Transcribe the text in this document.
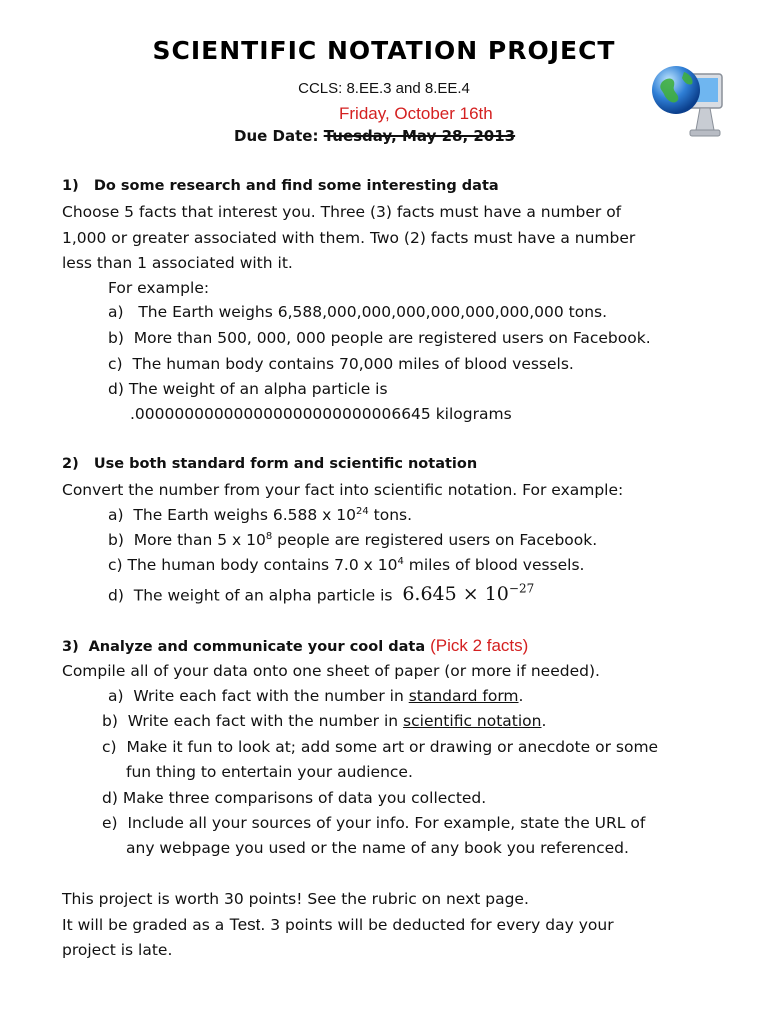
SCIENTIFIC NOTATION PROJECT
CCLS: 8.EE.3 and 8.EE.4
Friday, October 16th
Due Date: Tuesday, May 28, 2013
1) Do some research and find some interesting data
Choose 5 facts that interest you. Three (3) facts must have a number of
1,000 or greater associated with them. Two (2) facts must have a number
less than 1 associated with it.
For example:
a) The Earth weighs 6,588,000,000,000,000,000,000,000 tons.
b) More than 500, 000, 000 people are registered users on Facebook.
c) The human body contains 70,000 miles of blood vessels.
d) The weight of an alpha particle is
.000000000000000000000000006645 kilograms
2) Use both standard form and scientific notation
Convert the number from your fact into scientific notation. For example:
a) The Earth weighs 6.588 x $10^{24}$ tons.
b) More than 5 x $10^8$ people are registered users on Facebook.
c) The human body contains 7.0 x $10^4$ miles of blood vessels.
d) The weight of an alpha particle is $6.645 \times 10^{-27}$
3) Analyze and communicate your cool data (Pick 2 facts)
Compile all of your data onto one sheet of paper (or more if needed).
a) Write each fact with the number in standard form.
b) Write each fact with the number in scientific notation.
c) Make it fun to look at; add some art or drawing or anecdote or some
fun thing to entertain your audience.
d) Make three comparisons of data you collected.
e) Include all your sources of your info. For example, state the URL of
any webpage you used or the name of any book you referenced.
This project is worth 30 points! See the rubric on next page.
It will be graded as a Test. 3 points will be deducted for every day your
project is late.
